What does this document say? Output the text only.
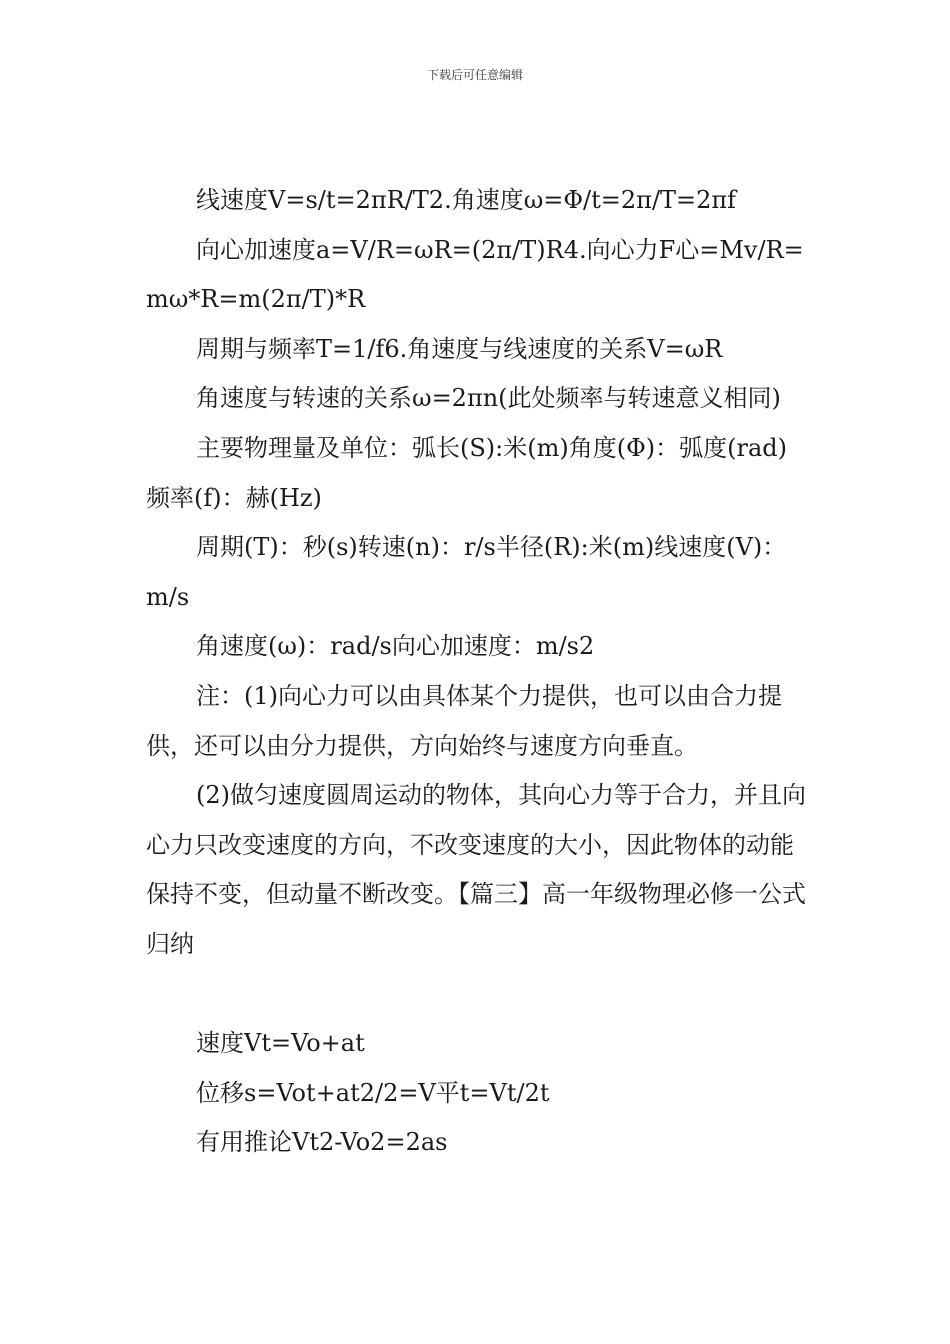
下载后可任意编辑

线速度V=s/t=2πR/T2.角速度ω=Φ/t=2π/T=2πf

向心加速度a=V/R=ωR=(2π/T)R4.向心力F心=Mv/R=mω*R=m(2π/T)*R

周期与频率T=1/f6.角速度与线速度的关系V=ωR

角速度与转速的关系ω=2πn(此处频率与转速意义相同)

主要物理量及单位：弧长(S):米(m)角度(Φ)：弧度(rad)频率(f)：赫(Hz)

周期(T)：秒(s)转速(n)：r/s半径(R):米(m)线速度(V)：m/s

角速度(ω)：rad/s向心加速度：m/s2

注：(1)向心力可以由具体某个力提供，也可以由合力提供，还可以由分力提供，方向始终与速度方向垂直。

(2)做匀速度圆周运动的物体，其向心力等于合力，并且向心力只改变速度的方向，不改变速度的大小，因此物体的动能保持不变，但动量不断改变。【篇三】高一年级物理必修一公式归纳

速度Vt=Vo+at

位移s=Vot+at2/2=V平t=Vt/2t

有用推论Vt2-Vo2=2as
